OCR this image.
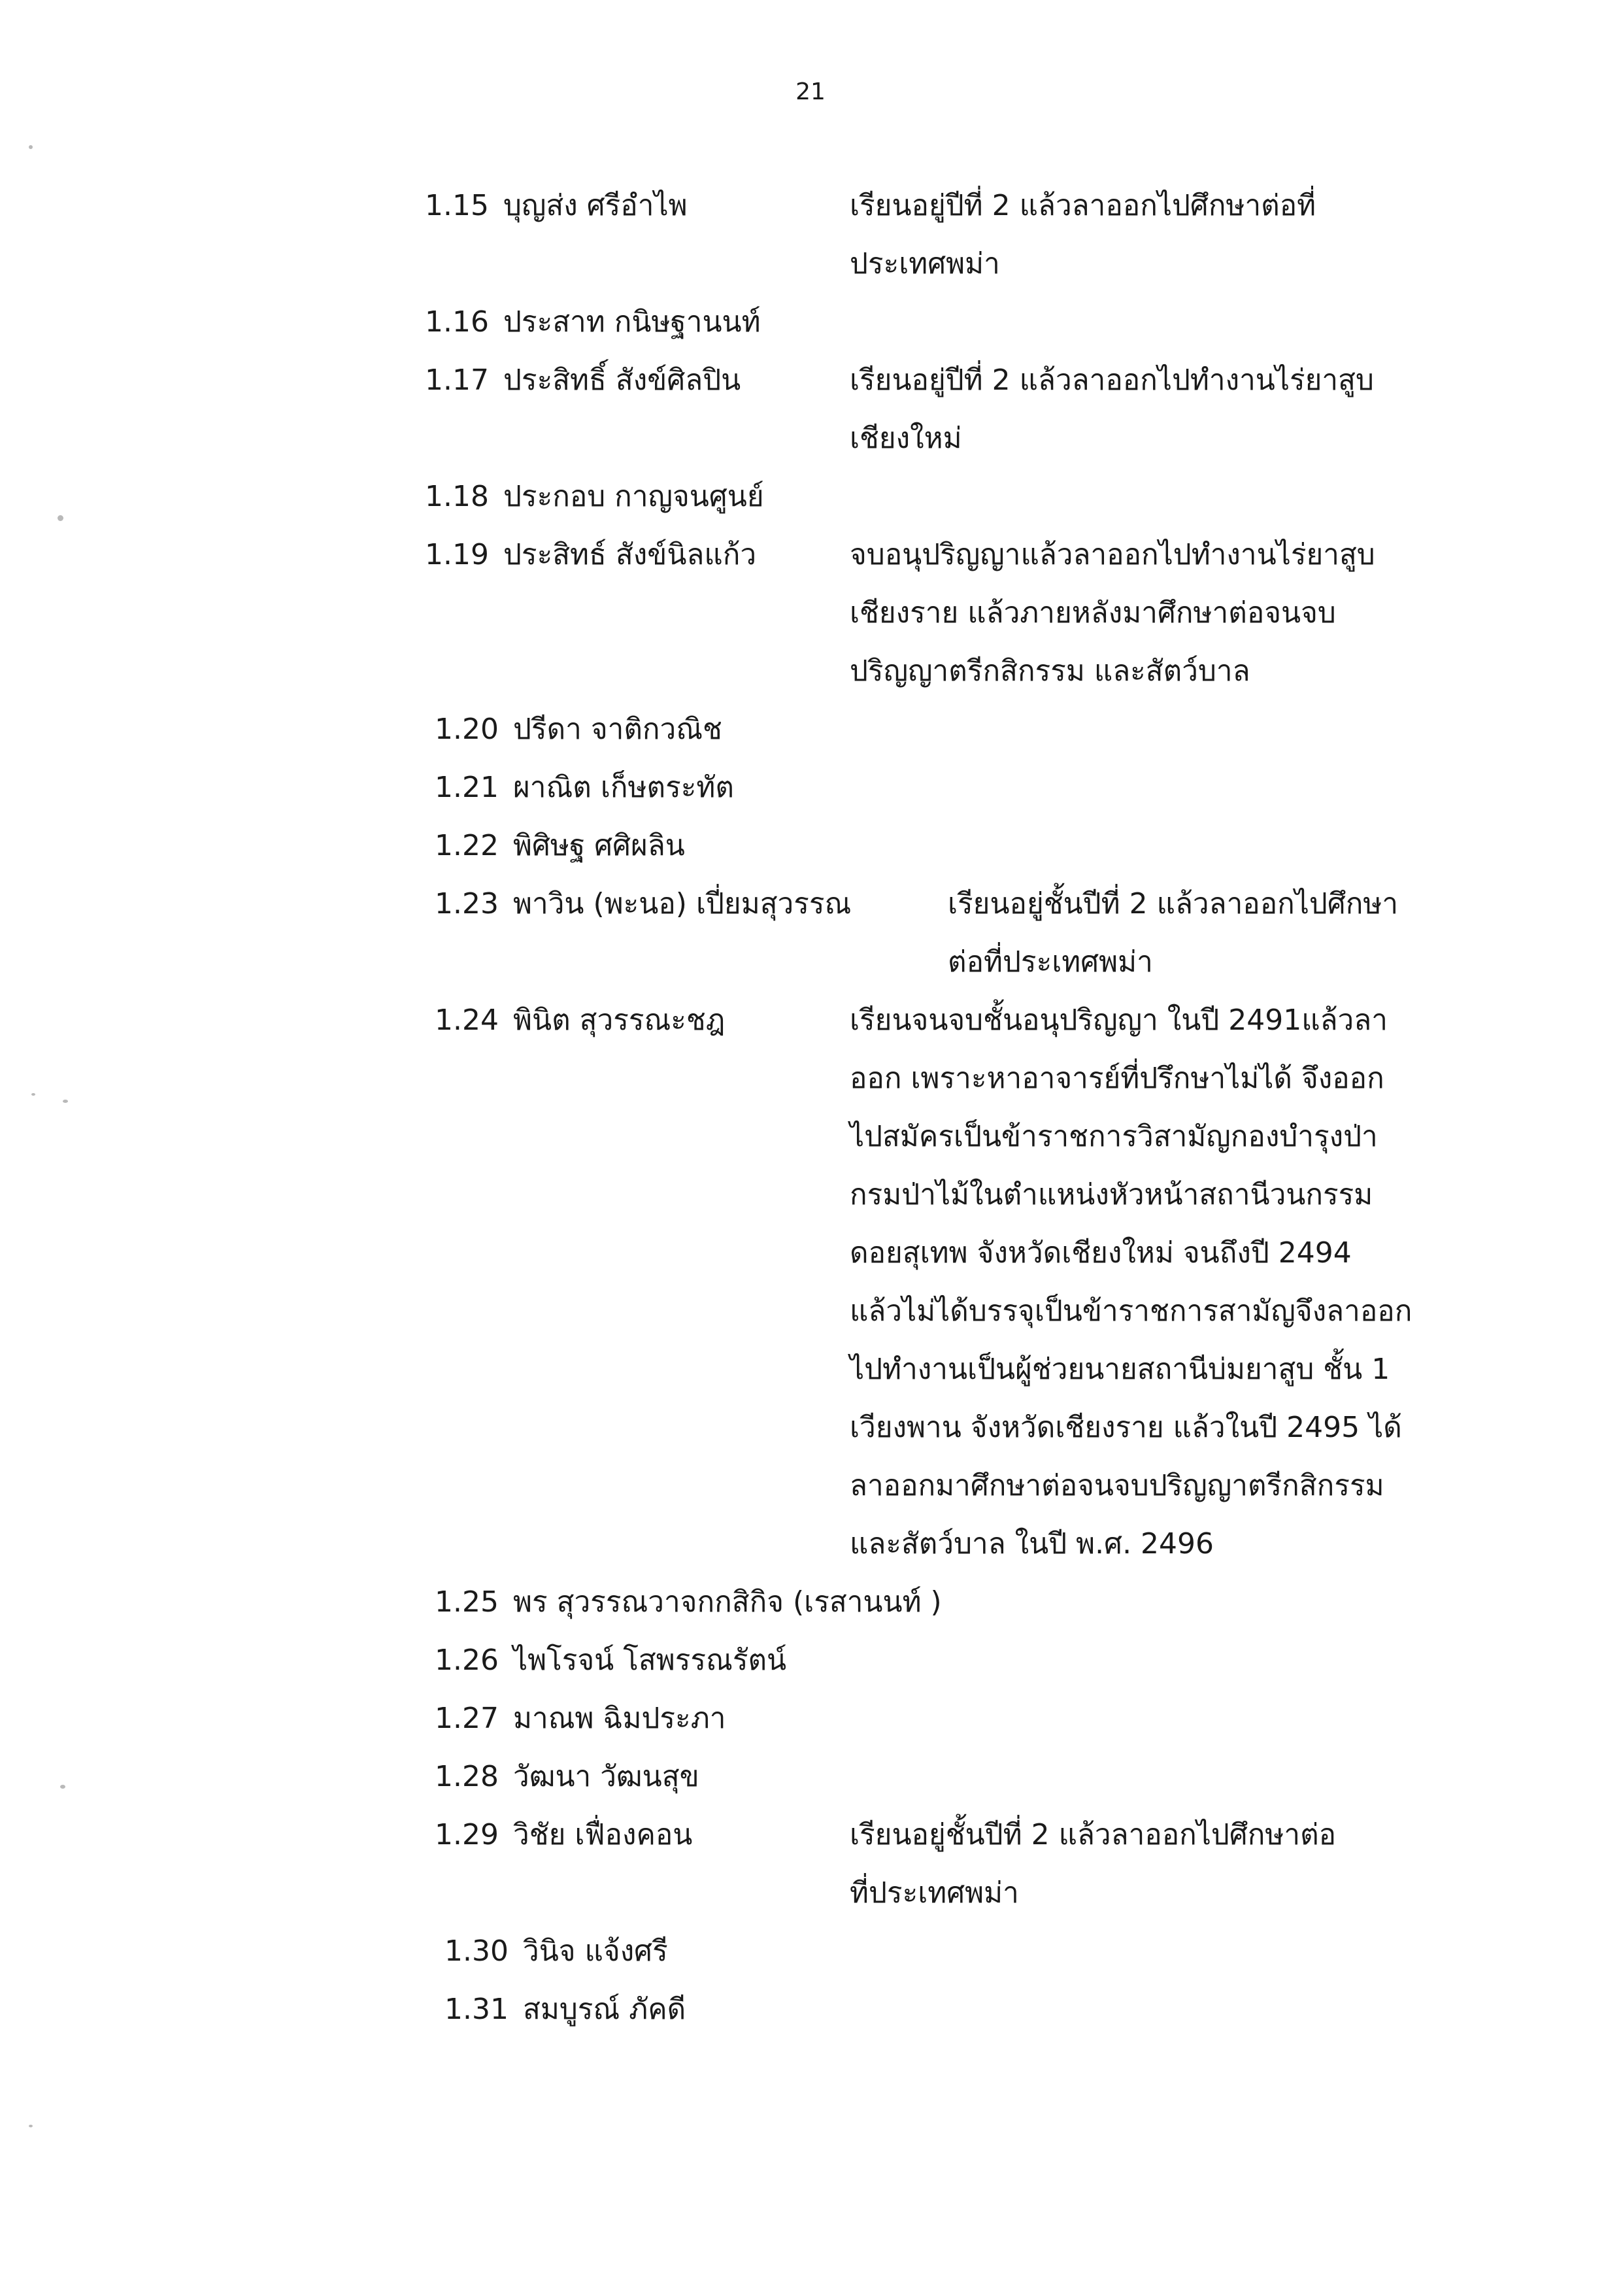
21
1.15 บุญส่ง ศรีอำไพ	เรียนอยู่ปีที่ 2 แล้วลาออกไปศึกษาต่อที่
ประเทศพม่า
1.16 ประสาท กนิษฐานนท์
1.17 ประสิทธิ์ สังข์ศิลปิน	เรียนอยู่ปีที่ 2 แล้วลาออกไปทำงานไร่ยาสูบ
เชียงใหม่
1.18 ประกอบ กาญจนศูนย์
1.19 ประสิทธ์ สังข์นิลแก้ว	จบอนุปริญญาแล้วลาออกไปทำงานไร่ยาสูบ
เชียงราย แล้วภายหลังมาศึกษาต่อจนจบ
ปริญญาตรีกสิกรรม และสัตว์บาล
1.20 ปรีดา จาติกวณิช
1.21 ผาณิต เก็ษตระทัต
1.22 พิศิษฐ ศศิผลิน
1.23 พาวิน (พะนอ) เปี่ยมสุวรรณ	เรียนอยู่ชั้นปีที่ 2 แล้วลาออกไปศึกษา
ต่อที่ประเทศพม่า
1.24 พินิต สุวรรณะชฎ	เรียนจนจบชั้นอนุปริญญา ในปี 2491แล้วลา
ออก เพราะหาอาจารย์ที่ปรึกษาไม่ได้ จึงออก
ไปสมัครเป็นข้าราชการวิสามัญกองบำรุงป่า
กรมป่าไม้ในตำแหน่งหัวหน้าสถานีวนกรรม
ดอยสุเทพ จังหวัดเชียงใหม่ จนถึงปี 2494
แล้วไม่ได้บรรจุเป็นข้าราชการสามัญจึงลาออก
ไปทำงานเป็นผู้ช่วยนายสถานีบ่มยาสูบ ชั้น 1
เวียงพาน จังหวัดเชียงราย แล้วในปี 2495 ได้
ลาออกมาศึกษาต่อจนจบปริญญาตรีกสิกรรม
และสัตว์บาล ในปี พ.ศ. 2496
1.25 พร สุวรรณวาจกกสิกิจ (เรสานนท์ )
1.26 ไพโรจน์ โสพรรณรัตน์
1.27 มาณพ ฉิมประภา
1.28 วัฒนา วัฒนสุข
1.29 วิชัย เฟื่องคอน	เรียนอยู่ชั้นปีที่ 2 แล้วลาออกไปศึกษาต่อ
ที่ประเทศพม่า
1.30 วินิจ แจ้งศรี
1.31 สมบูรณ์ ภัคดี
